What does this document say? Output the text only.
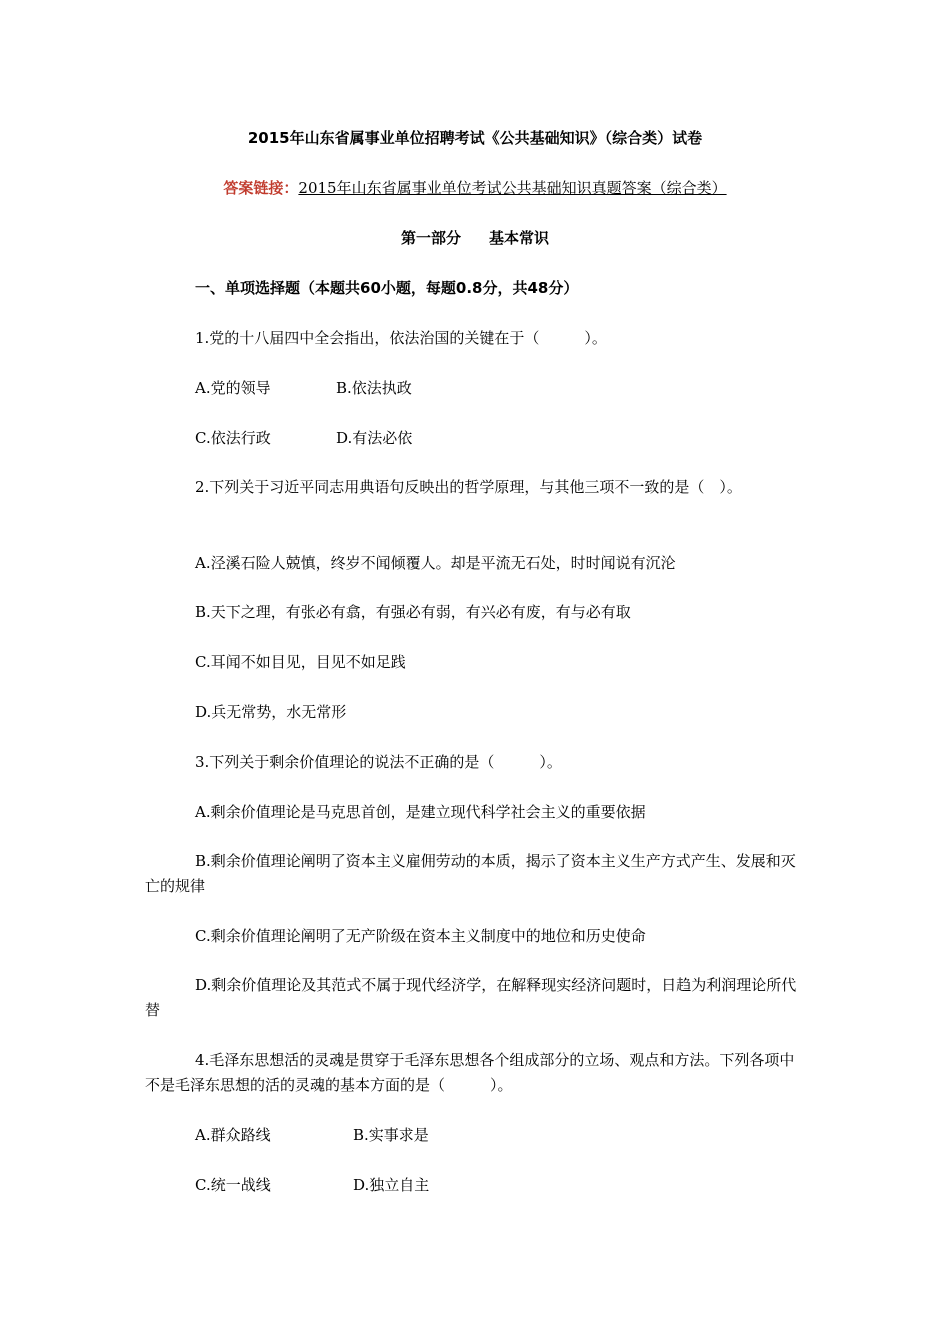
2015年山东省属事业单位招聘考试《公共基础知识》（综合类）试卷
答案链接：2015年山东省属事业单位考试公共基础知识真题答案（综合类）
第一部分 基本常识
一、单项选择题（本题共60小题，每题0.8分，共48分）
1.党的十八届四中全会指出，依法治国的关键在于（　　　）。
A.党的领导	B.依法执政
C.依法行政	D.有法必依
2.下列关于习近平同志用典语句反映出的哲学原理，与其他三项不一致的是（　）。
A.泾溪石险人兢慎，终岁不闻倾覆人。却是平流无石处，时时闻说有沉沦
B.天下之理，有张必有翕，有强必有弱，有兴必有废，有与必有取
C.耳闻不如目见，目见不如足践
D.兵无常势，水无常形
3.下列关于剩余价值理论的说法不正确的是（　　　）。
A.剩余价值理论是马克思首创，是建立现代科学社会主义的重要依据
B.剩余价值理论阐明了资本主义雇佣劳动的本质，揭示了资本主义生产方式产生、发展和灭亡的规律
C.剩余价值理论阐明了无产阶级在资本主义制度中的地位和历史使命
D.剩余价值理论及其范式不属于现代经济学，在解释现实经济问题时，日趋为利润理论所代替
4.毛泽东思想活的灵魂是贯穿于毛泽东思想各个组成部分的立场、观点和方法。下列各项中不是毛泽东思想的活的灵魂的基本方面的是（　　　）。
A.群众路线	B.实事求是
C.统一战线	D.独立自主
